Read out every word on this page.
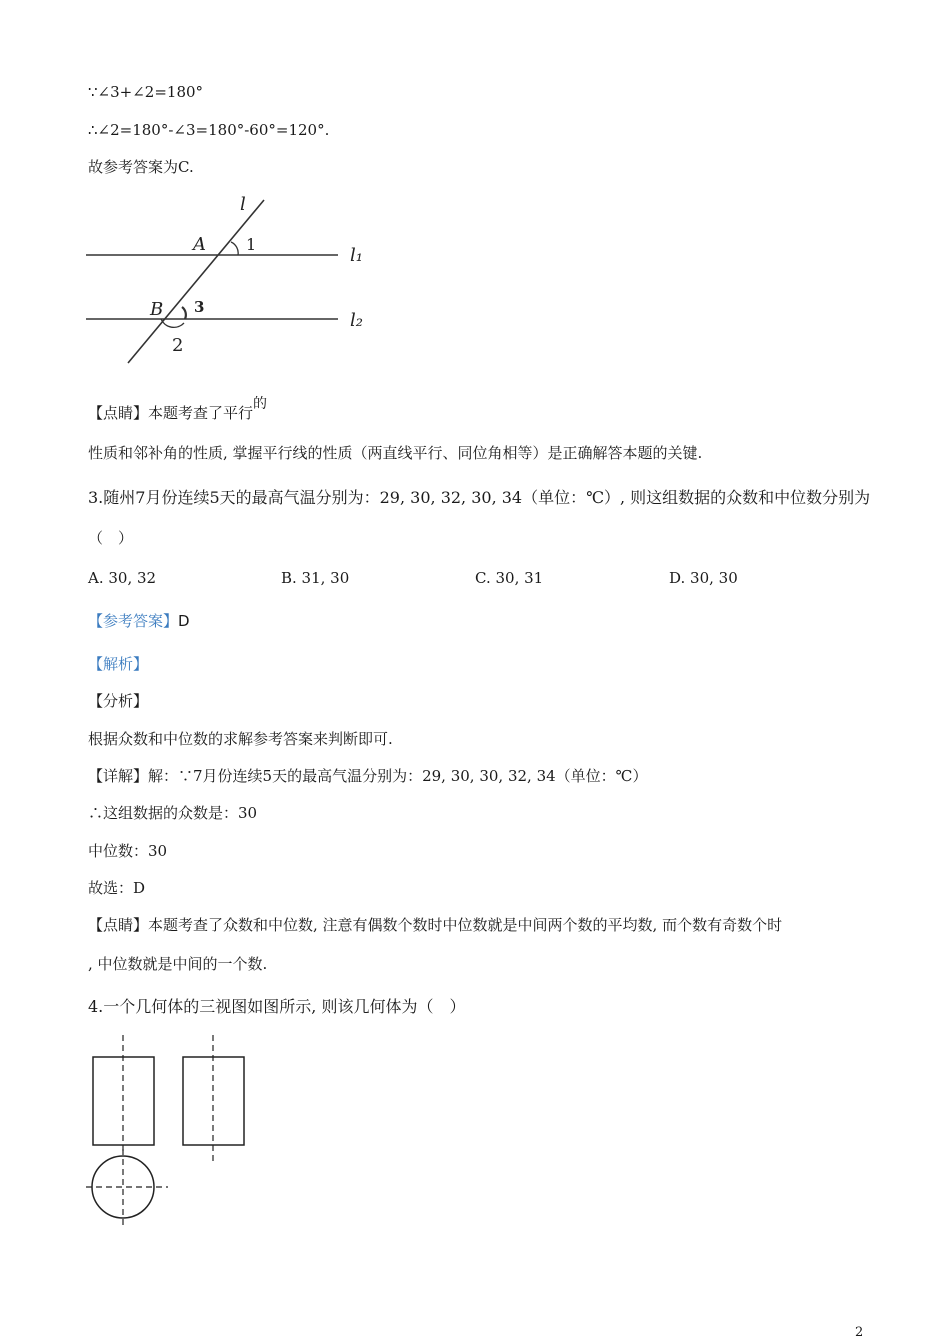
∵∠3+∠2=180°
∴∠2=180°-∠3=180°-60°=120°.
故参考答案为C.
l
A	1
l₁
B 3
l₂
2
【点睛】本题考查了平行的
性质和邻补角的性质, 掌握平行线的性质（两直线平行、同位角相等）是正确解答本题的关键.
3.随州7月份连续5天的最高气温分别为：29, 30, 32, 30, 34（单位：℃）, 则这组数据的众数和中位数分别为
（　）
A. 30, 32	B. 31, 30	C. 30, 31	D. 30, 30
【参考答案】D
【解析】
【分析】
根据众数和中位数的求解参考答案来判断即可.
【详解】解：∵7月份连续5天的最高气温分别为：29, 30, 30, 32, 34（单位：℃）
∴这组数据的众数是：30
中位数：30
故选：D
【点睛】本题考查了众数和中位数, 注意有偶数个数时中位数就是中间两个数的平均数, 而个数有奇数个时
, 中位数就是中间的一个数.
4.一个几何体的三视图如图所示, 则该几何体为（　）
2
